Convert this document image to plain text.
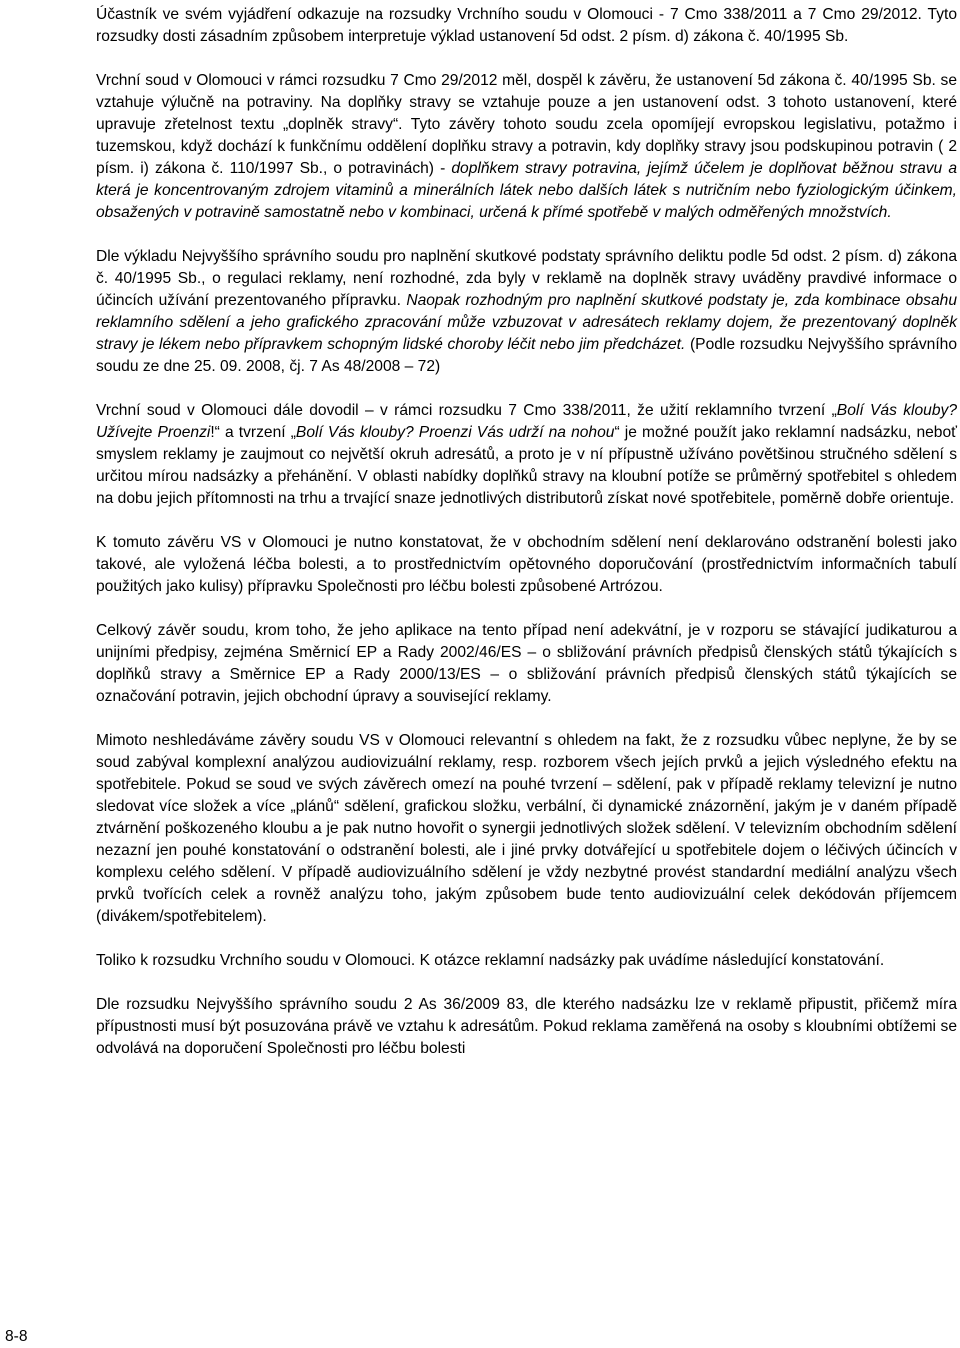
Účastník ve svém vyjádření odkazuje na rozsudky Vrchního soudu v Olomouci - 7 Cmo 338/2011 a 7 Cmo 29/2012. Tyto rozsudky dosti zásadním způsobem interpretuje výklad ustanovení 5d odst. 2 písm. d) zákona č. 40/1995 Sb.

Vrchní soud v Olomouci v rámci rozsudku 7 Cmo 29/2012 měl, dospěl k závěru, že ustanovení 5d zákona č. 40/1995 Sb. se vztahuje výlučně na potraviny. Na doplňky stravy se vztahuje pouze a jen ustanovení odst. 3 tohoto ustanovení, které upravuje zřetelnost textu „doplněk stravy“. Tyto závěry tohoto soudu zcela opomíjejí evropskou legislativu, potažmo i tuzemskou, když dochází k funkčnímu oddělení doplňku stravy a potravin, kdy doplňky stravy jsou podskupinou potravin ( 2 písm. i) zákona č. 110/1997 Sb., o potravinách) - doplňkem stravy potravina, jejímž účelem je doplňovat běžnou stravu a která je koncentrovaným zdrojem vitaminů a minerálních látek nebo dalších látek s nutričním nebo fyziologickým účinkem, obsažených v potravině samostatně nebo v kombinaci, určená k přímé spotřebě v malých odměřených množstvích.

Dle výkladu Nejvyššího správního soudu pro naplnění skutkové podstaty správního deliktu podle 5d odst. 2 písm. d) zákona č. 40/1995 Sb., o regulaci reklamy, není rozhodné, zda byly v reklamě na doplněk stravy uváděny pravdivé informace o účincích užívání prezentovaného přípravku. Naopak rozhodným pro naplnění skutkové podstaty je, zda kombinace obsahu reklamního sdělení a jeho grafického zpracování může vzbuzovat v adresátech reklamy dojem, že prezentovaný doplněk stravy je lékem nebo přípravkem schopným lidské choroby léčit nebo jim předcházet. (Podle rozsudku Nejvyššího správního soudu ze dne 25. 09. 2008, čj. 7 As 48/2008 – 72)

Vrchní soud v Olomouci dále dovodil – v rámci rozsudku 7 Cmo 338/2011, že užití reklamního tvrzení „Bolí Vás klouby? Užívejte Proenzi!“ a tvrzení „Bolí Vás klouby? Proenzi Vás udrží na nohou“ je možné použít jako reklamní nadsázku, neboť smyslem reklamy je zaujmout co největší okruh adresátů, a proto je v ní přípustně užíváno povětšinou stručného sdělení s určitou mírou nadsázky a přehánění. V oblasti nabídky doplňků stravy na kloubní potíže se průměrný spotřebitel s ohledem na dobu jejich přítomnosti na trhu a trvající snaze jednotlivých distributorů získat nové spotřebitele, poměrně dobře orientuje.

K tomuto závěru VS v Olomouci je nutno konstatovat, že v obchodním sdělení není deklarováno odstranění bolesti jako takové, ale vyložená léčba bolesti, a to prostřednictvím opětovného doporučování (prostřednictvím informačních tabulí použitých jako kulisy) přípravku Společnosti pro léčbu bolesti způsobené Artrózou.

Celkový závěr soudu, krom toho, že jeho aplikace na tento případ není adekvátní, je v rozporu se stávající judikaturou a unijními předpisy, zejména Směrnicí EP a Rady 2002/46/ES – o sbližování právních předpisů členských států týkajících s doplňků stravy a Směrnice EP a Rady 2000/13/ES – o sbližování právních předpisů členských států týkajících se označování potravin, jejich obchodní úpravy a související reklamy.

Mimoto neshledáváme závěry soudu VS v Olomouci relevantní s ohledem na fakt, že z rozsudku vůbec neplyne, že by se soud zabýval komplexní analýzou audiovizuální reklamy, resp. rozborem všech jejích prvků a jejich výsledného efektu na spotřebitele. Pokud se soud ve svých závěrech omezí na pouhé tvrzení – sdělení, pak v případě reklamy televizní je nutno sledovat více složek a více „plánů“ sdělení, grafickou složku, verbální, či dynamické znázornění, jakým je v daném případě ztvárnění poškozeného kloubu a je pak nutno hovořit o synergii jednotlivých složek sdělení. V televizním obchodním sdělení nezazní jen pouhé konstatování o odstranění bolesti, ale i jiné prvky dotvářející u spotřebitele dojem o léčivých účincích v komplexu celého sdělení. V případě audiovizuálního sdělení je vždy nezbytné provést standardní mediální analýzu všech prvků tvořících celek a rovněž analýzu toho, jakým způsobem bude tento audiovizuální celek dekódován příjemcem (divákem/spotřebitelem).

Toliko k rozsudku Vrchního soudu v Olomouci. K otázce reklamní nadsázky pak uvádíme následující konstatování.

Dle rozsudku Nejvyššího správního soudu 2 As 36/2009 83, dle kterého nadsázku lze v reklamě připustit, přičemž míra přípustnosti musí být posuzována právě ve vztahu k adresátům. Pokud reklama zaměřená na osoby s kloubními obtížemi se odvolává na doporučení Společnosti pro léčbu bolesti

8-8
